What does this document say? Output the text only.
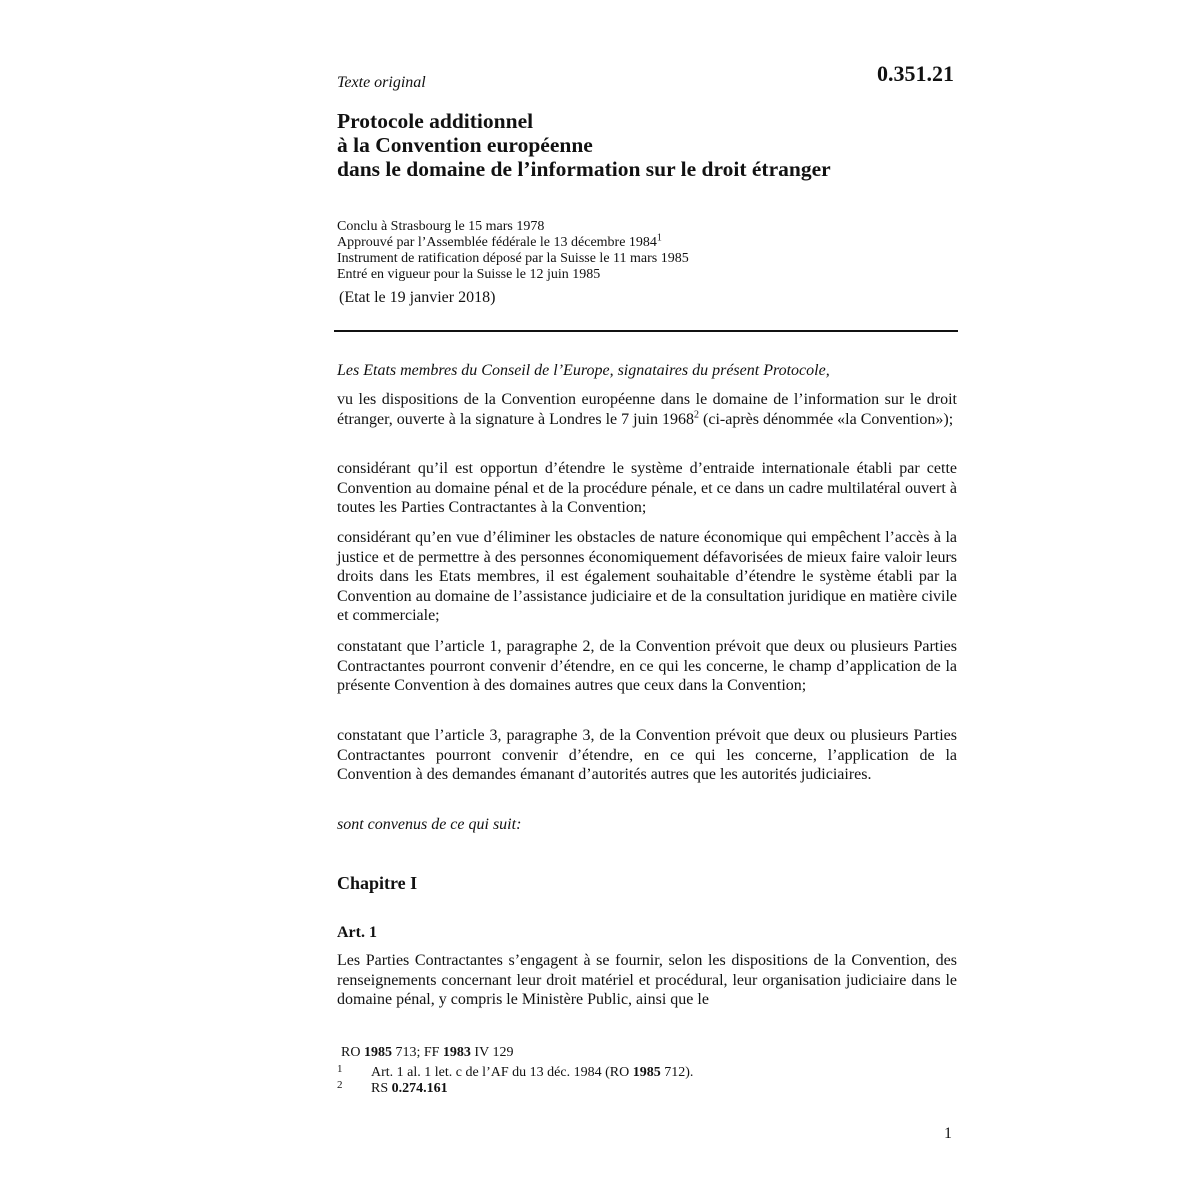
Texte original	0.351.21
Protocole additionnel
à la Convention européenne
dans le domaine de l’information sur le droit étranger
Conclu à Strasbourg le 15 mars 1978
Approuvé par l’Assemblée fédérale le 13 décembre 1984$^1$
Instrument de ratification déposé par la Suisse le 11 mars 1985
Entré en vigueur pour la Suisse le 12 juin 1985
(Etat le 19 janvier 2018)
Les Etats membres du Conseil de l’Europe, signataires du présent Protocole,
vu les dispositions de la Convention européenne dans le domaine de l’information sur le droit étranger, ouverte à la signature à Londres le 7 juin 1968$^2$ (ci-après dénommée «la Convention»);
considérant qu’il est opportun d’étendre le système d’entraide internationale établi par cette Convention au domaine pénal et de la procédure pénale, et ce dans un cadre multilatéral ouvert à toutes les Parties Contractantes à la Convention;
considérant qu’en vue d’éliminer les obstacles de nature économique qui empêchent l’accès à la justice et de permettre à des personnes économiquement défavorisées de mieux faire valoir leurs droits dans les Etats membres, il est également souhaitable d’étendre le système établi par la Convention au domaine de l’assistance judiciaire et de la consultation juridique en matière civile et commerciale;
constatant que l’article 1, paragraphe 2, de la Convention prévoit que deux ou plusieurs Parties Contractantes pourront convenir d’étendre, en ce qui les concerne, le champ d’application de la présente Convention à des domaines autres que ceux dans la Convention;
constatant que l’article 3, paragraphe 3, de la Convention prévoit que deux ou plusieurs Parties Contractantes pourront convenir d’étendre, en ce qui les concerne, l’application de la Convention à des demandes émanant d’autorités autres que les autorités judiciaires.
sont convenus de ce qui suit:
Chapitre I
Art. 1
Les Parties Contractantes s’engagent à se fournir, selon les dispositions de la Convention, des renseignements concernant leur droit matériel et procédural, leur organisation judiciaire dans le domaine pénal, y compris le Ministère Public, ainsi que le
RO 1985 713; FF 1983 IV 129
1 Art. 1 al. 1 let. c de l’AF du 13 déc. 1984 (RO 1985 712).
2 RS 0.274.161
1
